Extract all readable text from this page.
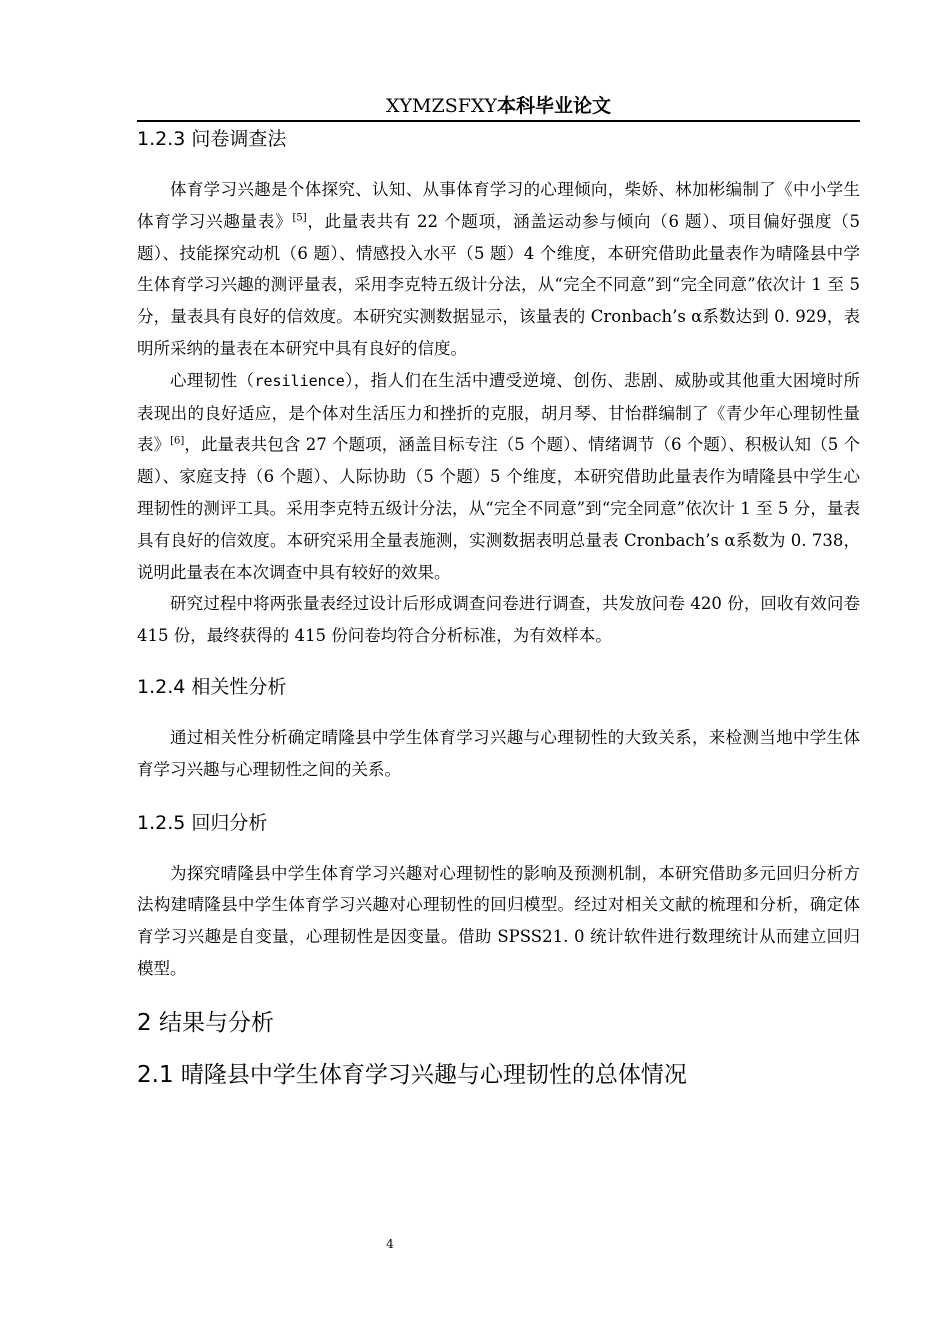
XYMZSFXY本科毕业论文
1.2.3 问卷调查法

体育学习兴趣是个体探究、认知、从事体育学习的心理倾向，柴娇、林加彬编制了《中小学生体育学习兴趣量表》[5]，此量表共有 22 个题项，涵盖运动参与倾向（6 题）、项目偏好强度（5 题）、技能探究动机（6 题）、情感投入水平（5 题）4 个维度，本研究借助此量表作为晴隆县中学生体育学习兴趣的测评量表，采用李克特五级计分法，从“完全不同意”到“完全同意”依次计 1 至 5 分，量表具有良好的信效度。本研究实测数据显示，该量表的 Cronbach’s α系数达到 0. 929，表明所采纳的量表在本研究中具有良好的信度。

心理韧性（resilience），指人们在生活中遭受逆境、创伤、悲剧、威胁或其他重大困境时所表现出的良好适应，是个体对生活压力和挫折的克服，胡月琴、甘怡群编制了《青少年心理韧性量表》[6]，此量表共包含 27 个题项，涵盖目标专注（5 个题）、情绪调节（6 个题）、积极认知（5 个题）、家庭支持（6 个题）、人际协助（5 个题）5 个维度，本研究借助此量表作为晴隆县中学生心理韧性的测评工具。采用李克特五级计分法，从“完全不同意”到“完全同意”依次计 1 至 5 分，量表具有良好的信效度。本研究采用全量表施测，实测数据表明总量表 Cronbach’s α系数为 0. 738，说明此量表在本次调查中具有较好的效果。

研究过程中将两张量表经过设计后形成调查问卷进行调查，共发放问卷 420 份，回收有效问卷 415 份，最终获得的 415 份问卷均符合分析标准，为有效样本。

1.2.4 相关性分析

通过相关性分析确定晴隆县中学生体育学习兴趣与心理韧性的大致关系，来检测当地中学生体育学习兴趣与心理韧性之间的关系。

1.2.5 回归分析

为探究晴隆县中学生体育学习兴趣对心理韧性的影响及预测机制，本研究借助多元回归分析方法构建晴隆县中学生体育学习兴趣对心理韧性的回归模型。经过对相关文献的梳理和分析，确定体育学习兴趣是自变量，心理韧性是因变量。借助 SPSS21. 0 统计软件进行数理统计从而建立回归模型。

2 结果与分析
2.1 晴隆县中学生体育学习兴趣与心理韧性的总体情况
4
